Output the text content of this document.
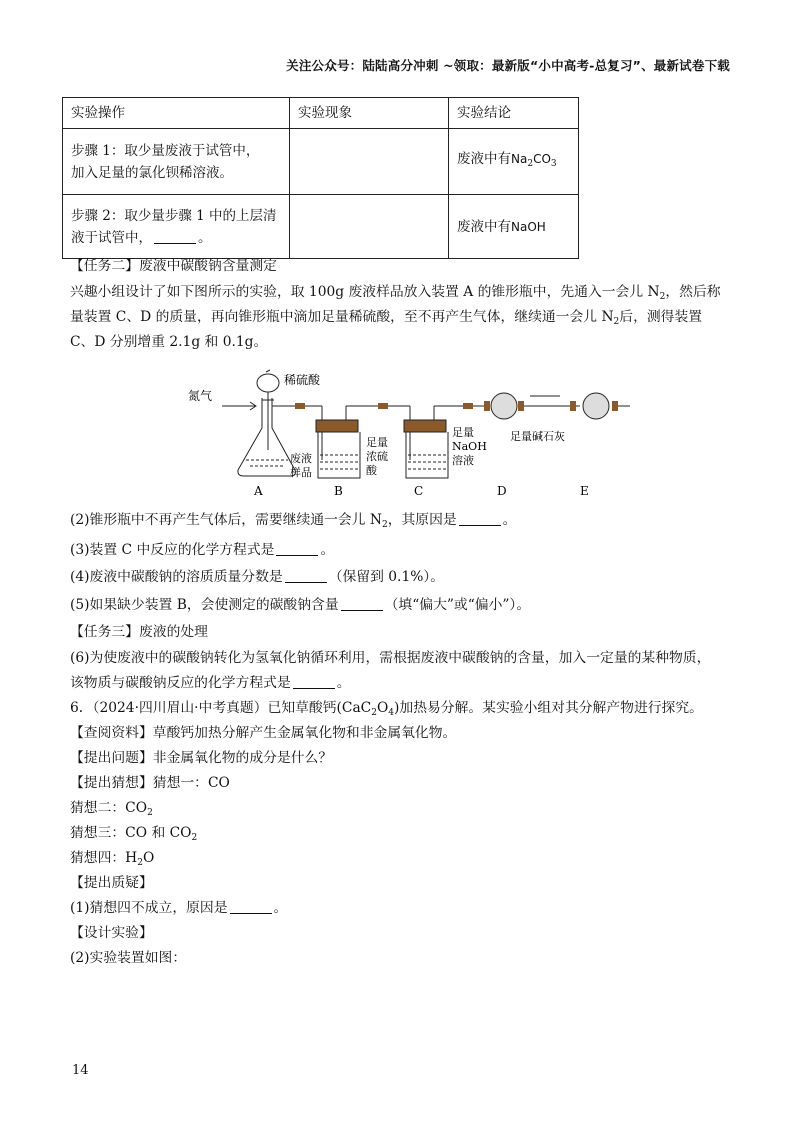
关注公众号：陆陆高分冲刺 ~领取：最新版“小中高考-总复习”、最新试卷下载
实验操作	实验现象	实验结论

步骤 1：取少量废液于试管中，
加入足量的氯化钡稀溶液。		废液中有$Na_2CO_3$

步骤 2：取少量步骤 1 中的上层清
液于试管中， 。		废液中有NaOH
【任务二】废液中碳酸钠含量测定
兴趣小组设计了如下图所示的实验，取 100g 废液样品放入装置 A 的锥形瓶中，先通入一会儿 $N_2$，然后称
量装置 C、D 的质量，再向锥形瓶中滴加足量稀硫酸，至不再产生气体，继续通一会儿 $N_2$后，测得装置
C、D 分别增重 2.1g 和 0.1g。
氮气
稀硫酸
废液
样品
足量
浓硫
酸
足量
NaOH
溶液
足量碱石灰
A	B	C	D	E
(2)锥形瓶中不再产生气体后，需要继续通一会儿 $N_2$，其原因是	。
(3)装置 C 中反应的化学方程式是	。
(4)废液中碳酸钠的溶质质量分数是	（保留到 0.1%）。
(5)如果缺少装置 B，会使测定的碳酸钠含量	（填“偏大”或“偏小”）。
【任务三】废液的处理
(6)为使废液中的碳酸钠转化为氢氧化钠循环利用，需根据废液中碳酸钠的含量，加入一定量的某种物质，
该物质与碳酸钠反应的化学方程式是	。
6．（2024·四川眉山·中考真题）已知草酸钙$(CaC_2O_4)$加热易分解。某实验小组对其分解产物进行探究。
【查阅资料】草酸钙加热分解产生金属氧化物和非金属氧化物。
【提出问题】非金属氧化物的成分是什么？
【提出猜想】猜想一：CO
猜想二：$CO_2$
猜想三：CO 和 $CO_2$
猜想四：$H_2O$
【提出质疑】
(1)猜想四不成立，原因是	。
【设计实验】
(2)实验装置如图：
14
